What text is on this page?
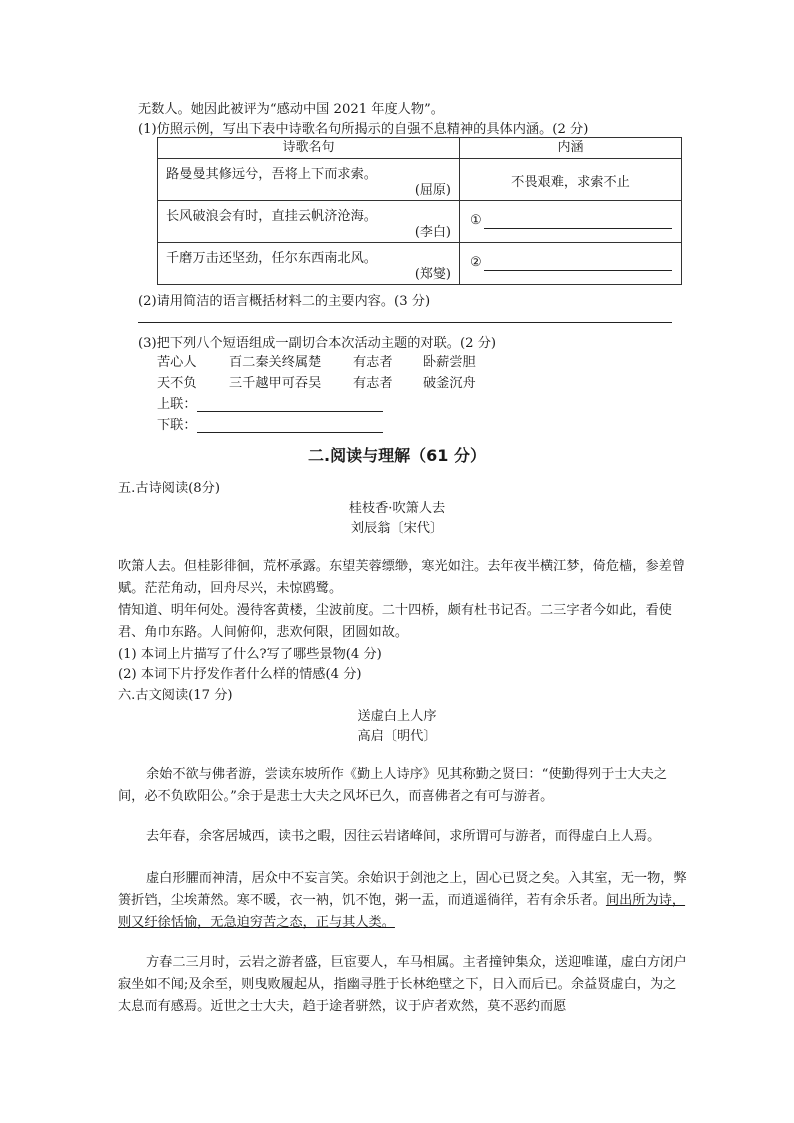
无数人。她因此被评为“感动中国 2021 年度人物”。
(1)仿照示例，写出下表中诗歌名句所揭示的自强不息精神的具体内涵。(2 分)
诗歌名句	内涵

路曼曼其修远兮，吾将上下而求索。
(屈原)	不畏艰难，求索不止

长风破浪会有时，直挂云帆济沧海。
(李白)	①

千磨万击还坚劲，任尔东西南北风。
(郑燮)	②
(2)请用简洁的语言概括材料二的主要内容。(3 分)
(3)把下列八个短语组成一副切合本次活动主题的对联。(2 分)
苦心人 百二秦关终属楚 有志者 卧薪尝胆
天不负 三千越甲可吞吴 有志者 破釜沉舟
上联：
下联：
二.阅读与理解（61 分）
五.古诗阅读(8分)
桂枝香·吹箫人去
刘辰翁〔宋代〕
吹箫人去。但桂影徘徊，荒杯承露。东望芙蓉缥缈，寒光如注。去年夜半横江梦，倚危樯，参差曾赋。茫茫角动，回舟尽兴，未惊鸥鹭。
情知道、明年何处。漫待客黄楼，尘波前度。二十四桥，颇有杜书记否。二三字者今如此，看使君、角巾东路。人间俯仰，悲欢何限，团圆如故。
(1) 本词上片描写了什么?写了哪些景物(4 分)
(2) 本词下片抒发作者什么样的情感(4 分)
六.古文阅读(17 分)
送虚白上人序
高启〔明代〕
余始不欲与佛者游，尝读东坡所作《勤上人诗序》见其称勤之贤曰：“使勤得列于士大夫之间，必不负欧阳公。”余于是悲士大夫之风坏已久，而喜佛者之有可与游者。
去年春，余客居城西，读书之暇，因往云岩诸峰间，求所谓可与游者，而得虚白上人焉。
虚白形臞而神清，居众中不妄言笑。余始识于剑池之上，固心已贤之矣。入其室，无一物，弊箦折铛，尘埃萧然。寒不暖，衣一衲，饥不饱，粥一盂，而逍遥徜徉，若有余乐者。间出所为诗，则又纡徐恬愉，无急迫穷苦之态，正与其人类。
方春二三月时，云岩之游者盛，巨宦要人，车马相属。主者撞钟集众，送迎唯谨，虚白方闭户寂坐如不闻;及余至，则曳败履起从，指幽寻胜于长林绝壁之下，日入而后已。余益贤虚白，为之太息而有感焉。近世之士大夫，趋于途者骈然，议于庐者欢然，莫不恶约而愿
